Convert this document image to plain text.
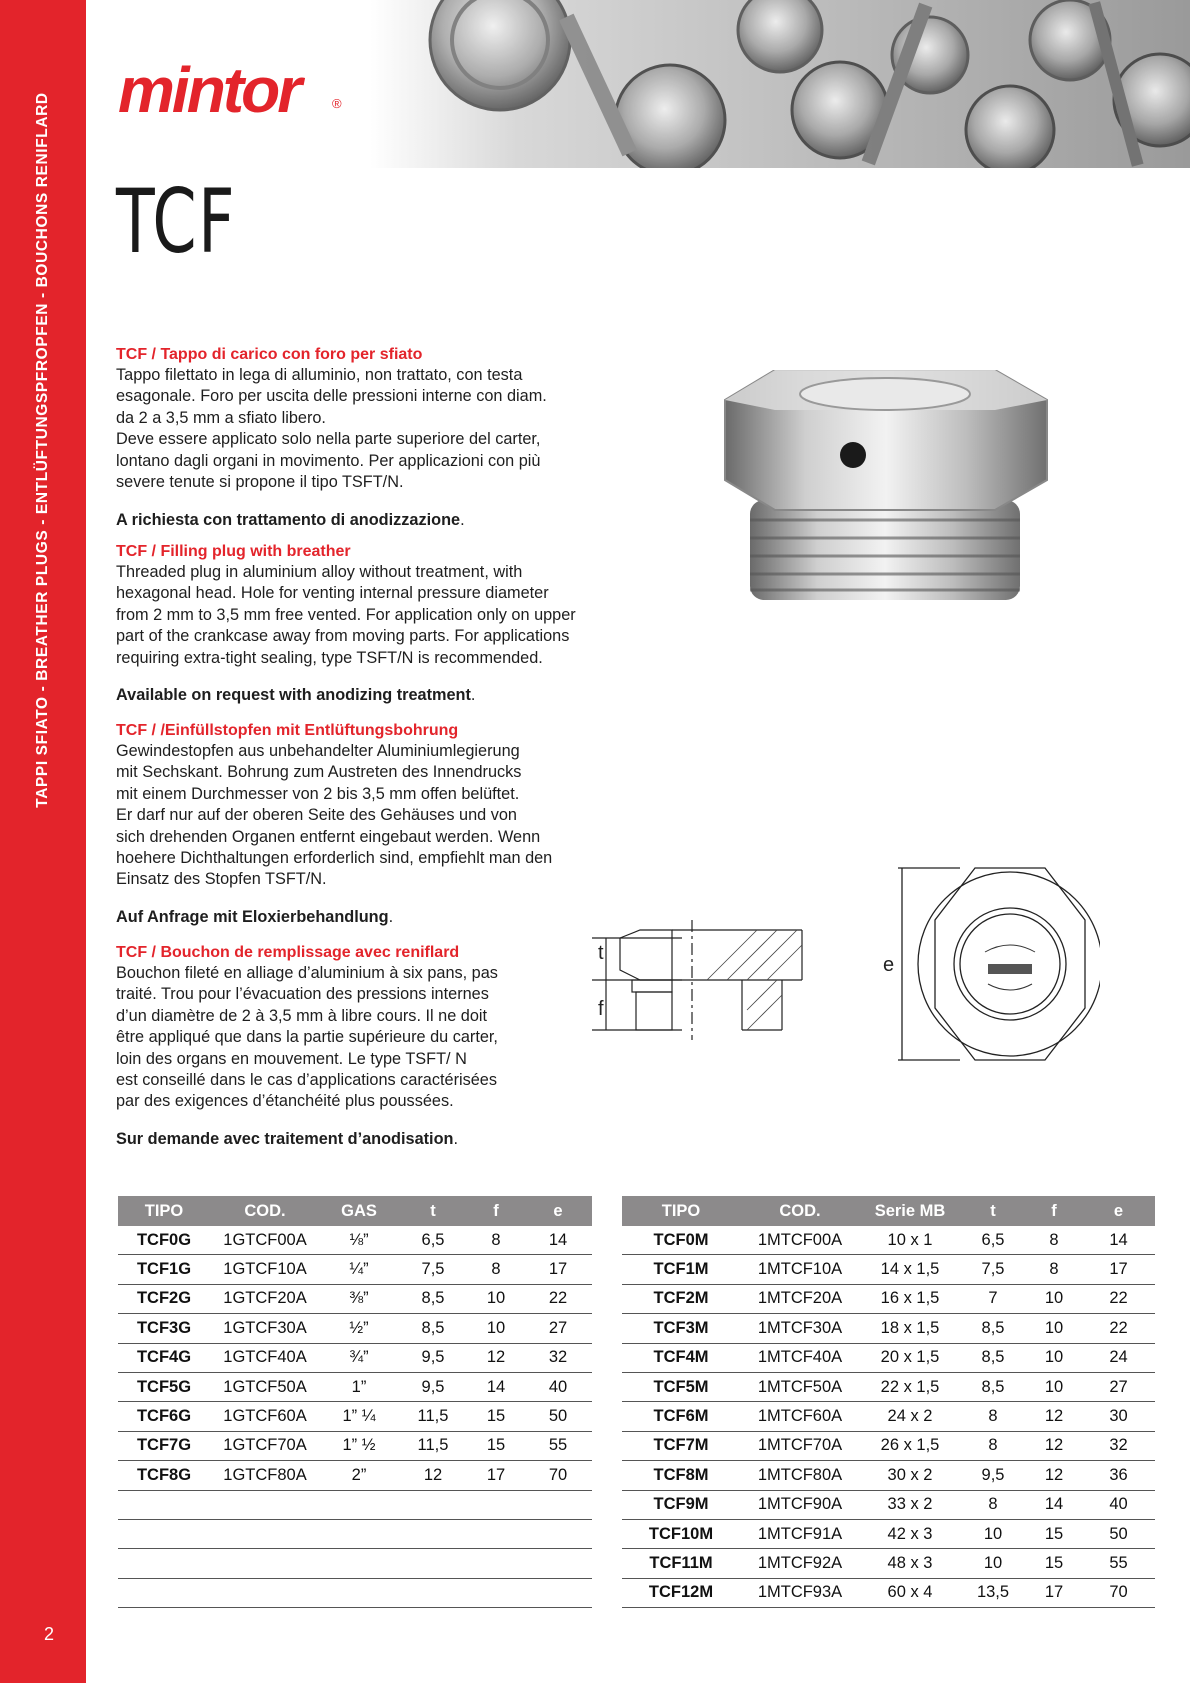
TAPPI SFIATO - BREATHER PLUGS - ENTLÜFTUNGSPFROPFEN - BOUCHONS RENIFLARD
2
mintor	®
TCF
TCF / Tappo di carico con foro per sfiato

Tappo filettato in lega di alluminio, non trattato, con testa
esagonale. Foro per uscita delle pressioni interne con diam.
da 2 a 3,5 mm a sfiato libero.
Deve essere applicato solo nella parte superiore del carter,
lontano dagli organi in movimento. Per applicazioni con più
severe tenute si propone il tipo TSFT/N.

A richiesta con trattamento di anodizzazione.

TCF / Filling plug with breather

Threaded plug in aluminium alloy without treatment, with
hexagonal head. Hole for venting internal pressure diameter
from 2 mm to 3,5 mm free vented. For application only on upper
part of the crankcase away from moving parts. For applications
requiring extra-tight sealing, type TSFT/N is recommended.

Available on request with anodizing treatment.

TCF / /Einfüllstopfen mit Entlüftungsbohrung

Gewindestopfen aus unbehandelter Aluminiumlegierung
mit Sechskant. Bohrung zum Austreten des Innendrucks
mit einem Durchmesser von 2 bis 3,5 mm offen belüftet.
Er darf nur auf der oberen Seite des Gehäuses und von
sich drehenden Organen entfernt eingebaut werden. Wenn
hoehere Dichthaltungen erforderlich sind, empfiehlt man den
Einsatz des Stopfen TSFT/N.

Auf Anfrage mit Eloxierbehandlung.

TCF / Bouchon de remplissage avec reniflard

Bouchon fileté en alliage d’aluminium à six pans, pas
traité. Trou pour l’évacuation des pressions internes
d’un diamètre de 2 à 3,5 mm à libre cours. Il ne doit
être appliqué que dans la partie supérieure du carter,
loin des organs en mouvement. Le type TSFT/ N
est conseillé dans le cas d’applications caractérisées
par des exigences d’étanchéité plus poussées.

Sur demande avec traitement d’anodisation.

t
f
e
TIPO	COD.	GAS	t	f	e
TCF0G	1GTCF00A	⅛”	6,5	8	14
TCF1G	1GTCF10A	¼”	7,5	8	17
TCF2G	1GTCF20A	⅜”	8,5	10	22
TCF3G	1GTCF30A	½”	8,5	10	27
TCF4G	1GTCF40A	¾”	9,5	12	32
TCF5G	1GTCF50A	1”	9,5	14	40
TCF6G	1GTCF60A	1” ¼	11,5	15	50
TCF7G	1GTCF70A	1” ½	11,5	15	55
TCF8G	1GTCF80A	2”	12	17	70

TIPO	COD.	Serie MB	t	f	e
TCF0M	1MTCF00A	10 x 1	6,5	8	14
TCF1M	1MTCF10A	14 x 1,5	7,5	8	17
TCF2M	1MTCF20A	16 x 1,5	7	10	22
TCF3M	1MTCF30A	18 x 1,5	8,5	10	22
TCF4M	1MTCF40A	20 x 1,5	8,5	10	24
TCF5M	1MTCF50A	22 x 1,5	8,5	10	27
TCF6M	1MTCF60A	24 x 2	8	12	30
TCF7M	1MTCF70A	26 x 1,5	8	12	32
TCF8M	1MTCF80A	30 x 2	9,5	12	36
TCF9M	1MTCF90A	33 x 2	8	14	40
TCF10M	1MTCF91A	42 x 3	10	15	50
TCF11M	1MTCF92A	48 x 3	10	15	55
TCF12M	1MTCF93A	60 x 4	13,5	17	70
